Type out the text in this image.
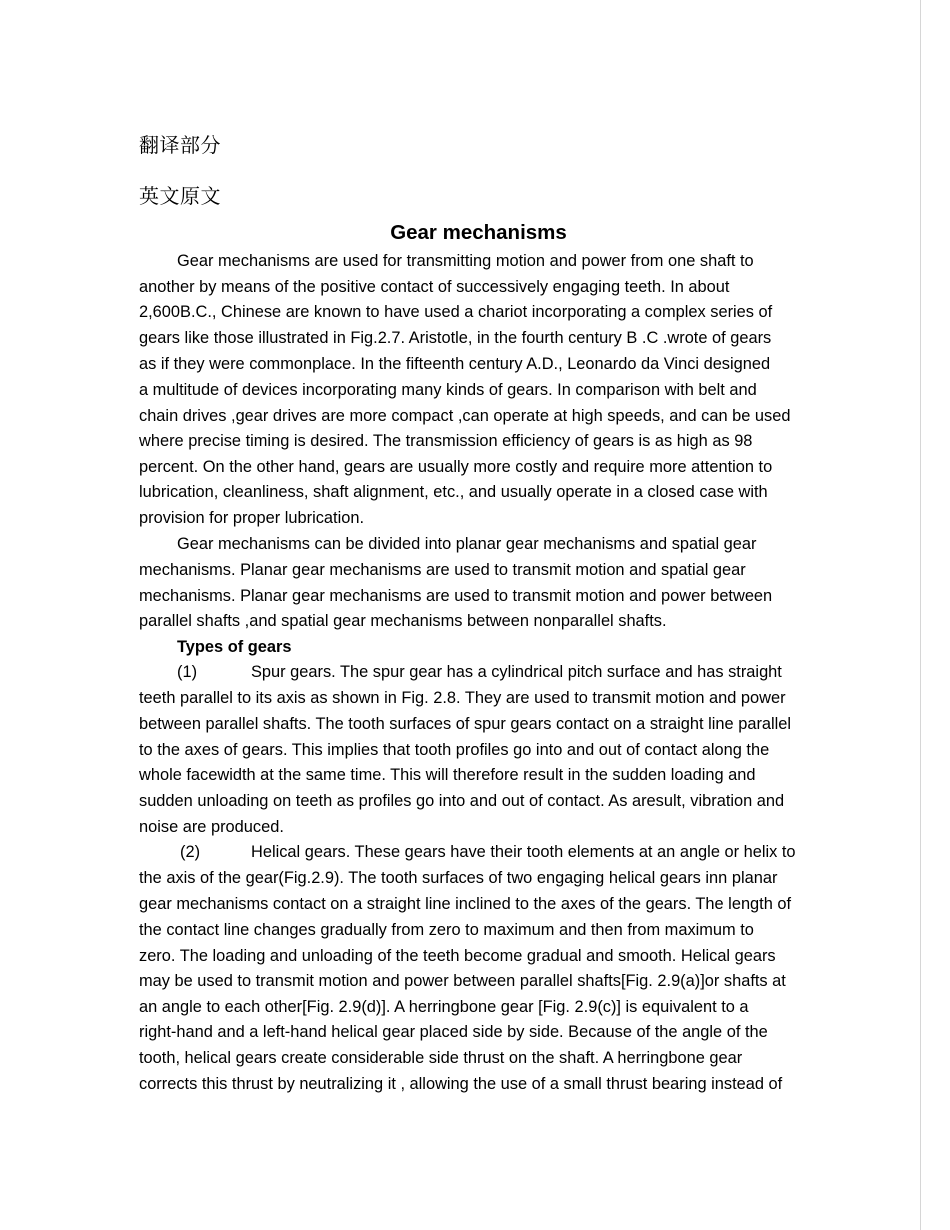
翻译部分
英文原文
Gear mechanisms
Gear mechanisms are used for transmitting motion and power from one shaft to
another by means of the positive contact of successively engaging teeth. In about
2,600B.C., Chinese are known to have used a chariot incorporating a complex series of
gears like those illustrated in Fig.2.7. Aristotle, in the fourth century B .C .wrote of gears
as if they were commonplace. In the fifteenth century A.D., Leonardo da Vinci designed
a multitude of devices incorporating many kinds of gears. In comparison with belt and
chain drives ,gear drives are more compact ,can operate at high speeds, and can be used
where precise timing is desired. The transmission efficiency of gears is as high as 98
percent. On the other hand, gears are usually more costly and require more attention to
lubrication, cleanliness, shaft alignment, etc., and usually operate in a closed case with
provision for proper lubrication.
Gear mechanisms can be divided into planar gear mechanisms and spatial gear
mechanisms. Planar gear mechanisms are used to transmit motion and spatial gear
mechanisms. Planar gear mechanisms are used to transmit motion and power between
parallel shafts ,and spatial gear mechanisms between nonparallel shafts.
Types of gears
(1)	Spur gears. The spur gear has a cylindrical pitch surface and has straight
teeth parallel to its axis as shown in Fig. 2.8. They are used to transmit motion and power
between parallel shafts. The tooth surfaces of spur gears contact on a straight line parallel
to the axes of gears. This implies that tooth profiles go into and out of contact along the
whole facewidth at the same time. This will therefore result in the sudden loading and
sudden unloading on teeth as profiles go into and out of contact. As aresult, vibration and
noise are produced.
(2)	Helical gears. These gears have their tooth elements at an angle or helix to
the axis of the gear(Fig.2.9). The tooth surfaces of two engaging helical gears inn planar
gear mechanisms contact on a straight line inclined to the axes of the gears. The length of
the contact line changes gradually from zero to maximum and then from maximum to
zero. The loading and unloading of the teeth become gradual and smooth. Helical gears
may be used to transmit motion and power between parallel shafts[Fig. 2.9(a)]or shafts at
an angle to each other[Fig. 2.9(d)]. A herringbone gear [Fig. 2.9(c)] is equivalent to a
right-hand and a left-hand helical gear placed side by side. Because of the angle of the
tooth, helical gears create considerable side thrust on the shaft. A herringbone gear
corrects this thrust by neutralizing it , allowing the use of a small thrust bearing instead of
